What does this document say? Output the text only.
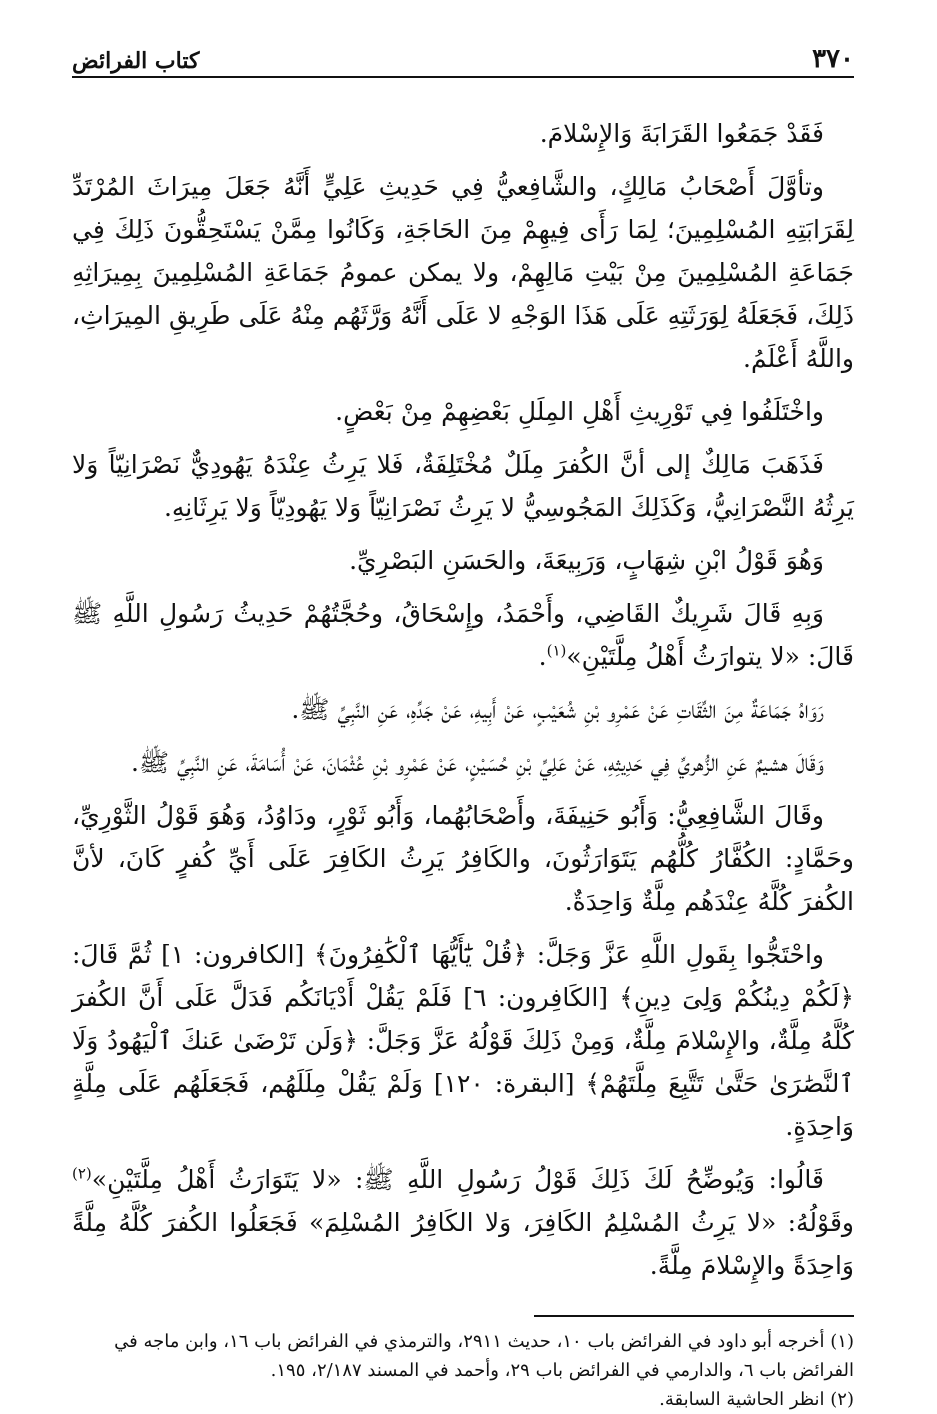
٣٧٠
كتاب الفرائض

فَقَدْ جَمَعُوا القَرَابَةَ وَالإِسْلامَ.

وتأوَّلَ أَصْحَابُ مَالِكٍ، والشَّافِعيُّ فِي حَدِيثِ عَلِيٍّ أَنَّهُ جَعَلَ مِيرَاثَ المُرْتَدِّ لِقَرَابَتِهِ المُسْلِمِينَ؛ لِمَا رَأَى فِيهِمْ مِنَ الحَاجَةِ، وَكَانُوا مِمَّنْ يَسْتَحِقُّونَ ذَلِكَ فِي جَمَاعَةِ المُسْلِمِينَ مِنْ بَيْتِ مَالِهِمْ، ولا يمكن عمومُ جَمَاعَةِ المُسْلِمِينَ بِمِيرَاثِهِ ذَلِكَ، فَجَعَلَهُ لِوَرَثَتِهِ عَلَى هَذَا الوَجْهِ لا عَلَى أَنَّهُ وَرَّثَهُم مِنْهُ عَلَى طَرِيقِ المِيرَاثِ، واللَّهُ أَعْلَمُ.

واخْتَلَفُوا فِي تَوْرِيثِ أَهْلِ المِلَلِ بَعْضِهِمْ مِنْ بَعْضٍ.

فَذَهَبَ مَالِكٌ إلى أنَّ الكُفرَ مِلَلٌ مُخْتَلِفَةٌ، فَلا يَرِثُ عِنْدَهُ يَهُودِيٌّ نَصْرَانِيّاً وَلا يَرِثُهُ النَّصْرَانِيُّ، وَكَذَلِكَ المَجُوسِيُّ لا يَرِثُ نَصْرَانِيّاً وَلا يَهُودِيّاً وَلا يَرِثَانِهِ.

وَهُوَ قَوْلُ ابْنِ شِهَابٍ، وَرَبِيعَةَ، والحَسَنِ البَصْرِيِّ.

وَبِهِ قَالَ شَرِيكٌ القَاضِي، وأَحْمَدُ، وإِسْحَاقُ، وحُجَّتُهُمْ حَدِيثُ رَسُولِ اللَّهِ ﷺ قَالَ: «لا يتوارَثُ أَهْلُ مِلَّتَيْنِ»$^{(١)}$.

رَوَاهُ جَمَاعَةٌ مِنَ الثِّقَاتِ عَنْ عَمْرِو بْنِ شُعَيْبٍ، عَنْ أَبِيهِ، عَنْ جَدِّهِ، عَنِ النَّبِيِّ ﷺ.

وَقَالَ هشيمٌ عَنِ الزُّهريِّ فِي حَدِيثِهِ، عَنْ عَلِيِّ بْنِ حُسَيْنٍ، عَنْ عَمْرِو بْنِ عُثْمَانَ، عَنْ أُسَامَةَ، عَنِ النَّبِيِّ ﷺ.

وقَالَ الشَّافِعِيُّ: وَأَبُو حَنِيفَةَ، وأَصْحَابُهُما، وَأَبُو ثَوْرٍ، ودَاوُدُ، وَهُوَ قَوْلُ الثَّوْرِيِّ، وحَمَّادٍ: الكُفَّارُ كُلُّهُم يَتَوَارَثُونَ، والكَافِرُ يَرِثُ الكَافِرَ عَلَى أَيِّ كُفرٍ كَانَ، لأنَّ الكُفرَ كُلَّهُ عِنْدَهُم مِلَّةٌ وَاحِدَةٌ.

واحْتَجُّوا بِقَولِ اللَّهِ عَزَّ وَجَلَّ: ﴿قُلْ يَٰٓأَيُّهَا ٱلْكَٰفِرُونَ﴾ [الكافرون: ١] ثُمَّ قَالَ: ﴿لَكُمْ دِينُكُمْ وَلِىَ دِينِ﴾ [الكَافِرون: ٦] فَلَمْ يَقُلْ أَدْيَانَكُم فَدَلَّ عَلَى أَنَّ الكُفرَ كُلَّهُ مِلَّةٌ، والإِسْلامَ مِلَّةٌ، وَمِنْ ذَلِكَ قَوْلُهُ عَزَّ وَجَلَّ: ﴿وَلَن تَرْضَىٰ عَنكَ ٱلْيَهُودُ وَلَا ٱلنَّصَٰرَىٰ حَتَّىٰ تَتَّبِعَ مِلَّتَهُمْ﴾ [البقرة: ١٢٠] وَلَمْ يَقُلْ مِلَلَهُم، فَجَعَلَهُم عَلَى مِلَّةٍ وَاحِدَةٍ.

قَالُوا: وَيُوضِّحُ لَكَ ذَلِكَ قَوْلُ رَسُولِ اللَّهِ ﷺ: «لا يَتَوَارَثُ أَهْلُ مِلَّتَيْنِ»$^{(٢)}$ وقَوْلُهُ: «لا يَرِثُ المُسْلِمُ الكَافِرَ، وَلا الكَافِرُ المُسْلِمَ» فَجَعَلُوا الكُفرَ كُلَّهُ مِلَّةً وَاحِدَةً والإِسْلامَ مِلَّةً.

(١) أخرجه أبو داود في الفرائض باب ١٠، حديث ٢٩١١، والترمذي في الفرائض باب ١٦، وابن ماجه في الفرائض باب ٦، والدارمي في الفرائض باب ٢٩، وأحمد في المسند ٢/١٨٧، ١٩٥.

(٢) انظر الحاشية السابقة.
